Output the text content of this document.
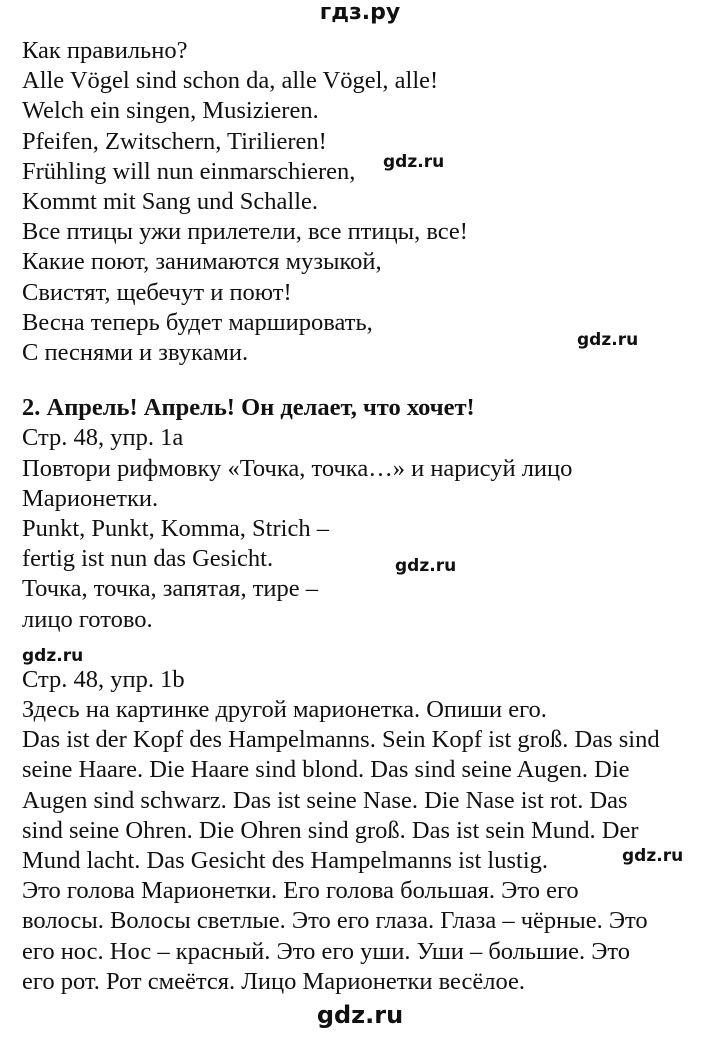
гдз.ру
gdz.ru
gdz.ru
gdz.ru
gdz.ru
Как правильно?
Alle Vögel sind schon da, alle Vögel, alle!
Welch ein singen, Musizieren.
Pfeifen, Zwitschern, Tirilieren!
Frühling will nun einmarschieren,
Kommt mit Sang und Schalle.
Все птицы ужи прилетели, все птицы, все!
Какие поют, занимаются музыкой,
Свистят, щебечут и поют!
Весна теперь будет маршировать,
С песнями и звуками.
2. Апрель! Апрель! Он делает, что хочет!
Стр. 48, упр. 1a
Повтори рифмовку «Точка, точка…» и нарисуй лицо
Марионетки.
Punkt, Punkt, Komma, Strich –
fertig ist nun das Gesicht.
Точка, точка, запятая, тире –
лицо готово.
gdz.ru
Стр. 48, упр. 1b
Здесь на картинке другой марионетка. Опиши его.
Das ist der Kopf des Hampelmanns. Sein Kopf ist groß. Das sind
seine Haare. Die Haare sind blond. Das sind seine Augen. Die
Augen sind schwarz. Das ist seine Nase. Die Nase ist rot. Das
sind seine Ohren. Die Ohren sind groß. Das ist sein Mund. Der
Mund lacht. Das Gesicht des Hampelmanns ist lustig.
Это голова Марионетки. Его голова большая. Это его
волосы. Волосы светлые. Это его глаза. Глаза – чёрные. Это
его нос. Нос – красный. Это его уши. Уши – большие. Это
его рот. Рот смеётся. Лицо Марионетки весёлое.
gdz.ru
